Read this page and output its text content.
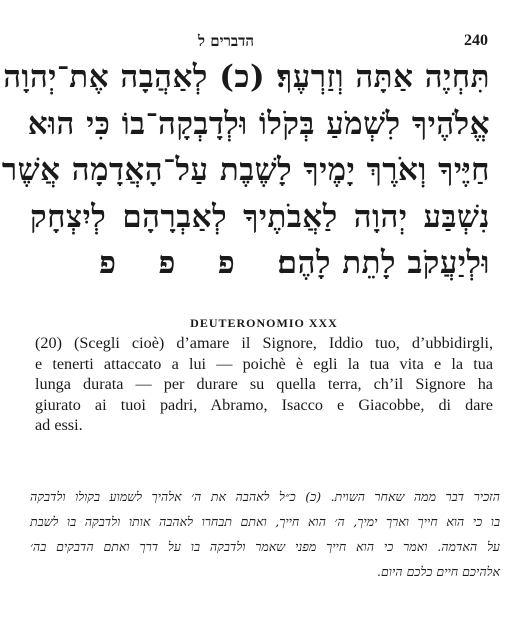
הדברים ל	240
תִּחְיֶה אַתָּה וְזַרְעֶךָ׃ (כ) לְאַהֲבָה אֶת־יְהוָה
אֱלֹהֶיךָ לִשְׁמֹעַ בְּקֹלוֹ וּלְדָבְקָה־בוֹ כִּי הוּא
חַיֶּיךָ וְאֹרֶךְ יָמֶיךָ לָשֶׁבֶת עַל־הָאֲדָמָה אֲשֶׁר
נִשְׁבַּע יְהוָה לַאֲבֹתֶיךָ לְאַבְרָהָם לְיִצְחָק
וּלְיַעֲקֹב לָתֵת לָהֶם׃פפפ
DEUTERONOMIO XXX
(20) (Scegli cioè) d’amare il Signore, Iddio tuo, d’ubbidirgli,
e tenerti attaccato a lui — poichè è egli la tua vita e la tua
lunga durata — per durare su quella terra, ch’il Signore ha
giurato ai tuoi padri, Abramo, Isacco e Giacobbe, di dare
ad essi.
הזכיר דבר ממה שאחר השוית. (כ) כ״ל לאהבה את ה׳ אלהיך לשמוע בקולו ולדבקה
בו כי הוא חייך וארך ימיך, ה׳ הוא חייך, ואתם תבחרו לאהבה אותו ולדבקה בו לשבת
על האדמה. ואמר כי הוא חייך מפני שאמר ולדבקה בו על דרך ואתם הדבקים בה׳
אלהיכם חיים כלכם היום.
